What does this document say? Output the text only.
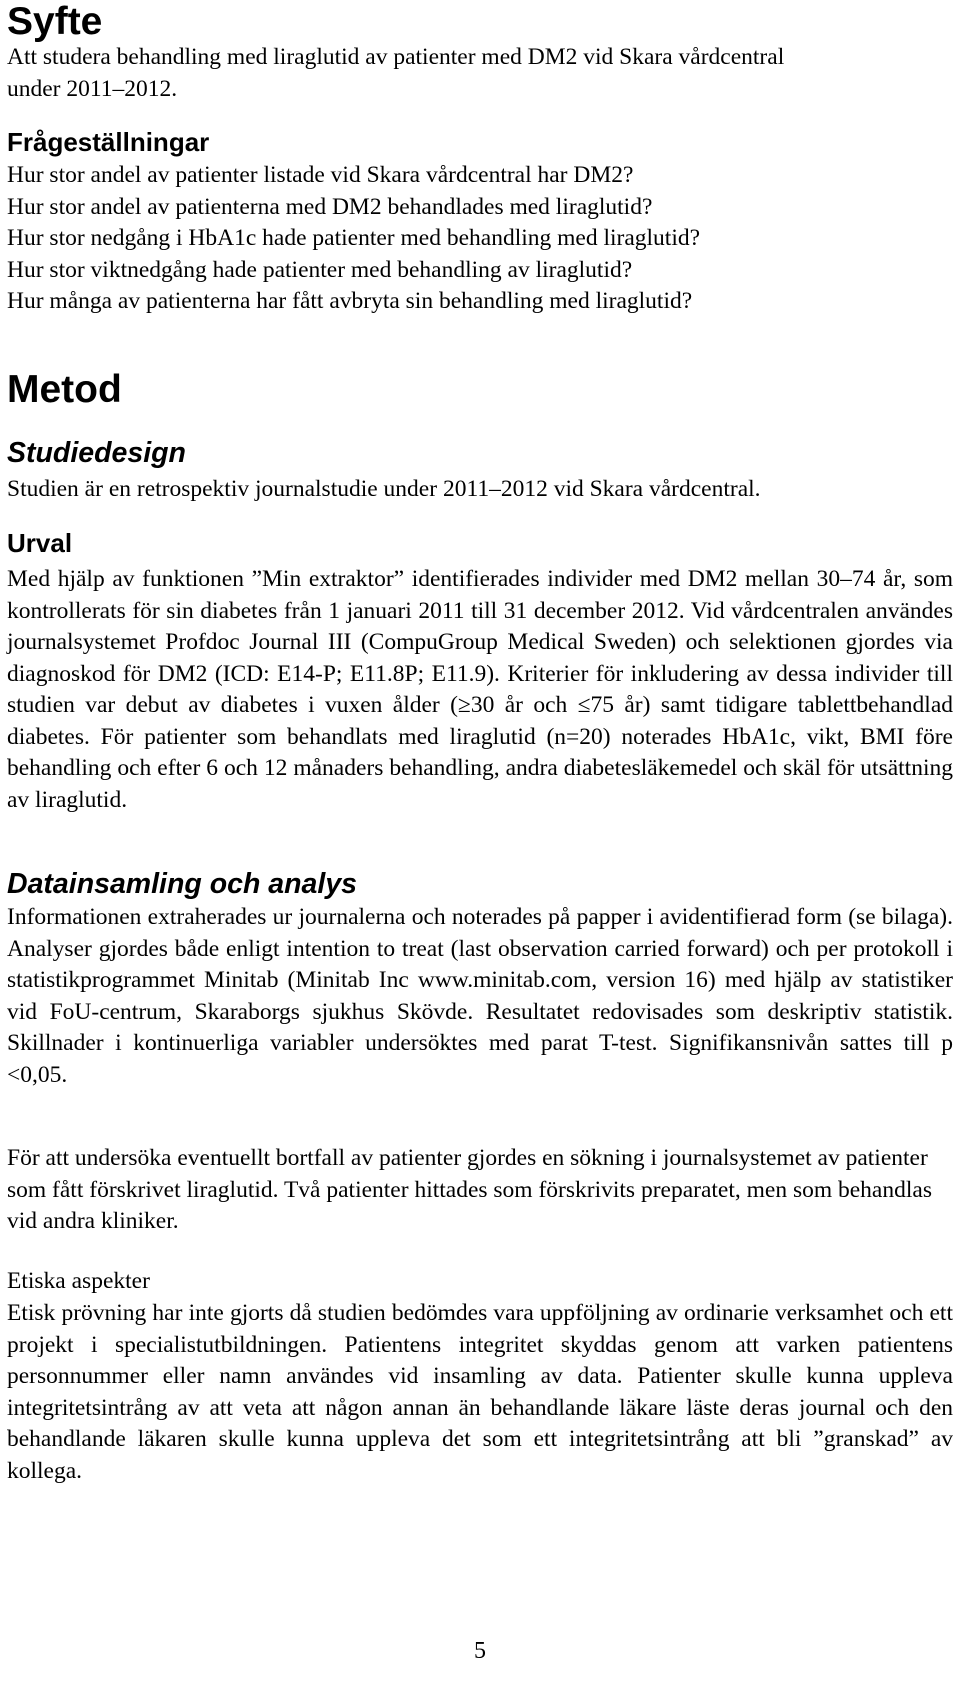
Syfte

Att studera behandling med liraglutid av patienter med DM2 vid Skara vårdcentral under 2011–2012.

Frågeställningar
Hur stor andel av patienter listade vid Skara vårdcentral har DM2?
Hur stor andel av patienterna med DM2 behandlades med liraglutid?
Hur stor nedgång i HbA1c hade patienter med behandling med liraglutid?
Hur stor viktnedgång hade patienter med behandling av liraglutid?
Hur många av patienterna har fått avbryta sin behandling med liraglutid?
Metod
Studiedesign

Studien är en retrospektiv journalstudie under 2011–2012 vid Skara vårdcentral.

Urval

Med hjälp av funktionen ”Min extraktor” identifierades individer med DM2 mellan 30–74 år, som kontrollerats för sin diabetes från 1 januari 2011 till 31 december 2012. Vid vårdcentralen användes journalsystemet Profdoc Journal III (CompuGroup Medical Sweden) och selektionen gjordes via diagnoskod för DM2 (ICD: E14-P; E11.8P; E11.9). Kriterier för inkludering av dessa individer till studien var debut av diabetes i vuxen ålder (≥30 år och ≤75 år) samt tidigare tablettbehandlad diabetes. För patienter som behandlats med liraglutid (n=20) noterades HbA1c, vikt, BMI före behandling och efter 6 och 12 månaders behandling, andra diabetesläkemedel och skäl för utsättning av liraglutid.

Datainsamling och analys

Informationen extraherades ur journalerna och noterades på papper i avidentifierad form (se bilaga). Analyser gjordes både enligt intention to treat (last observation carried forward) och per protokoll i statistikprogrammet Minitab (Minitab Inc www.minitab.com, version 16) med hjälp av statistiker vid FoU-centrum, Skaraborgs sjukhus Skövde. Resultatet redovisades som deskriptiv statistik. Skillnader i kontinuerliga variabler undersöktes med parat T-test. Signifikansnivån sattes till p <0,05.

För att undersöka eventuellt bortfall av patienter gjordes en sökning i journalsystemet av patienter som fått förskrivet liraglutid. Två patienter hittades som förskrivits preparatet, men som behandlas vid andra kliniker.

Etiska aspekter

Etisk prövning har inte gjorts då studien bedömdes vara uppföljning av ordinarie verksamhet och ett projekt i specialistutbildningen. Patientens integritet skyddas genom att varken patientens personnummer eller namn användes vid insamling av data. Patienter skulle kunna uppleva integritetsintrång av att veta att någon annan än behandlande läkare läste deras journal och den behandlande läkaren skulle kunna uppleva det som ett integritetsintrång att bli ”granskad” av kollega.

5
